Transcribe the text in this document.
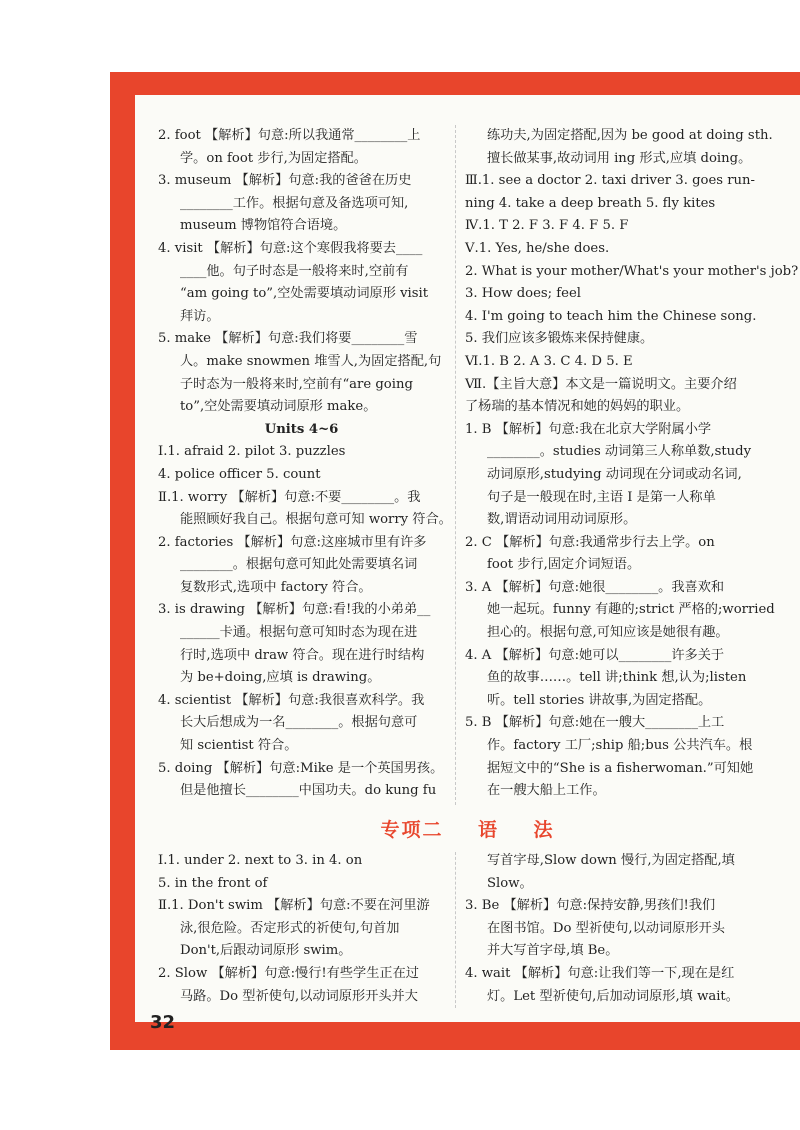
2. foot 【解析】句意:所以我通常________上
学。on foot 步行,为固定搭配。
3. museum 【解析】句意:我的爸爸在历史
________工作。根据句意及备选项可知,
museum 博物馆符合语境。
4. visit 【解析】句意:这个寒假我将要去____
____他。句子时态是一般将来时,空前有
“am going to”,空处需要填动词原形 visit
拜访。
5. make 【解析】句意:我们将要________雪
人。make snowmen 堆雪人,为固定搭配,句
子时态为一般将来时,空前有“are going
to”,空处需要填动词原形 make。
Units 4~6
Ⅰ.1. afraid 2. pilot 3. puzzles
4. police officer 5. count
Ⅱ.1. worry 【解析】句意:不要________。我
能照顾好我自己。根据句意可知 worry 符合。
2. factories 【解析】句意:这座城市里有许多
________。根据句意可知此处需要填名词
复数形式,选项中 factory 符合。
3. is drawing 【解析】句意:看!我的小弟弟__
______卡通。根据句意可知时态为现在进
行时,选项中 draw 符合。现在进行时结构
为 be+doing,应填 is drawing。
4. scientist 【解析】句意:我很喜欢科学。我
长大后想成为一名________。根据句意可
知 scientist 符合。
5. doing 【解析】句意:Mike 是一个英国男孩。
但是他擅长________中国功夫。do kung fu
练功夫,为固定搭配,因为 be good at doing sth.
擅长做某事,故动词用 ing 形式,应填 doing。
Ⅲ.1. see a doctor 2. taxi driver 3. goes run-
ning 4. take a deep breath 5. fly kites
Ⅳ.1. T 2. F 3. F 4. F 5. F
Ⅴ.1. Yes, he/she does.
2. What is your mother/What's your mother's job?
3. How does; feel
4. I'm going to teach him the Chinese song.
5. 我们应该多锻炼来保持健康。
Ⅵ.1. B 2. A 3. C 4. D 5. E
Ⅶ.【主旨大意】本文是一篇说明文。主要介绍
了杨瑞的基本情况和她的妈妈的职业。
1. B 【解析】句意:我在北京大学附属小学
________。studies 动词第三人称单数,study
动词原形,studying 动词现在分词或动名词,
句子是一般现在时,主语 I 是第一人称单
数,谓语动词用动词原形。
2. C 【解析】句意:我通常步行去上学。on
foot 步行,固定介词短语。
3. A 【解析】句意:她很________。我喜欢和
她一起玩。funny 有趣的;strict 严格的;worried
担心的。根据句意,可知应该是她很有趣。
4. A 【解析】句意:她可以________许多关于
鱼的故事……。tell 讲;think 想,认为;listen
听。tell stories 讲故事,为固定搭配。
5. B 【解析】句意:她在一艘大________上工
作。factory 工厂;ship 船;bus 公共汽车。根
据短文中的“She is a fisherwoman.”可知她
在一艘大船上工作。
专项二    语    法
Ⅰ.1. under 2. next to 3. in 4. on
5. in the front of
Ⅱ.1. Don't swim 【解析】句意:不要在河里游
泳,很危险。否定形式的祈使句,句首加
Don't,后跟动词原形 swim。
2. Slow 【解析】句意:慢行!有些学生正在过
马路。Do 型祈使句,以动词原形开头并大
写首字母,Slow down 慢行,为固定搭配,填
Slow。
3. Be 【解析】句意:保持安静,男孩们!我们
在图书馆。Do 型祈使句,以动词原形开头
并大写首字母,填 Be。
4. wait 【解析】句意:让我们等一下,现在是红
灯。Let 型祈使句,后加动词原形,填 wait。
32
